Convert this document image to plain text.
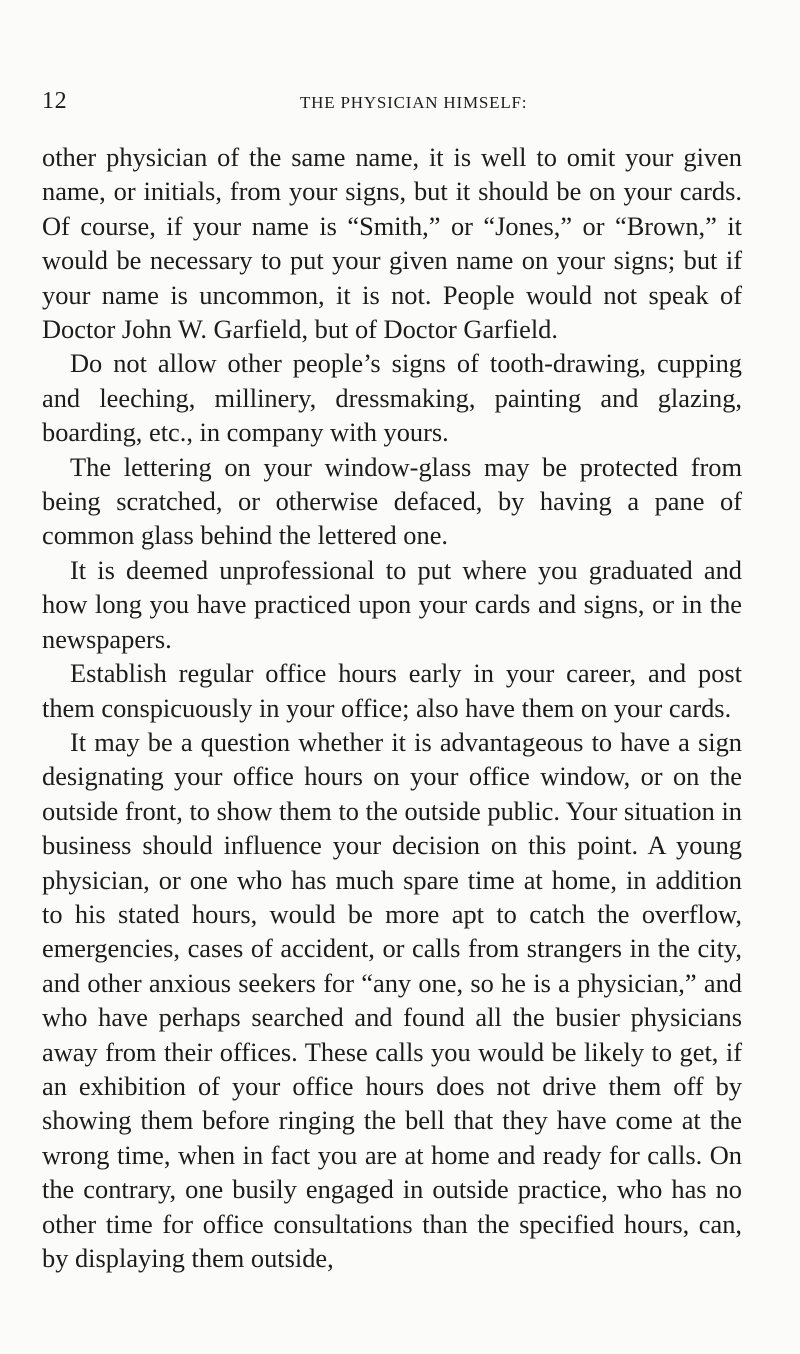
12	THE PHYSICIAN HIMSELF:

other physician of the same name, it is well to omit your given name, or initials, from your signs, but it should be on your cards. Of course, if your name is “Smith,” or “Jones,” or “Brown,” it would be necessary to put your given name on your signs; but if your name is uncommon, it is not. People would not speak of Doctor John W. Garfield, but of Doctor Garfield.

Do not allow other people’s signs of tooth-drawing, cupping and leeching, millinery, dressmaking, painting and glazing, boarding, etc., in company with yours.

The lettering on your window-glass may be protected from being scratched, or otherwise defaced, by having a pane of common glass behind the lettered one.

It is deemed unprofessional to put where you graduated and how long you have practiced upon your cards and signs, or in the newspapers.

Establish regular office hours early in your career, and post them conspicuously in your office; also have them on your cards.

It may be a question whether it is advantageous to have a sign designating your office hours on your office window, or on the outside front, to show them to the outside public. Your situation in business should influence your decision on this point. A young physician, or one who has much spare time at home, in addition to his stated hours, would be more apt to catch the overflow, emergencies, cases of accident, or calls from strangers in the city, and other anxious seekers for “any one, so he is a physician,” and who have perhaps searched and found all the busier physicians away from their offices. These calls you would be likely to get, if an exhibition of your office hours does not drive them off by showing them before ringing the bell that they have come at the wrong time, when in fact you are at home and ready for calls. On the contrary, one busily engaged in outside practice, who has no other time for office consultations than the specified hours, can, by displaying them outside,
